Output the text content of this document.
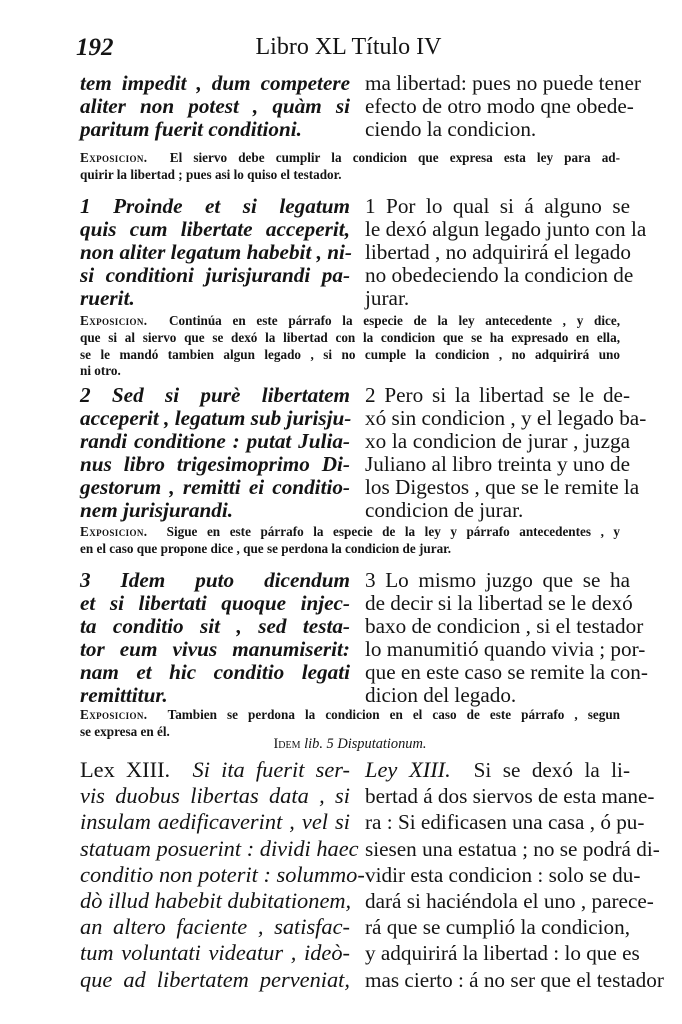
192	Libro XL Título IV
tem impedit , dum competere
aliter non potest , quàm si
paritum fuerit conditioni.
ma libertad: pues no puede tener
efecto de otro modo qne obede-
ciendo la condicion.
Exposicion. El siervo debe cumplir la condicion que expresa esta ley para ad-
quirir la libertad ; pues asi lo quiso el testador.
1 Proinde et si legatum
quis cum libertate acceperit,
non aliter legatum habebit , ni-
si conditioni jurisjurandi pa-
ruerit.
1 Por lo qual si á alguno se
le dexó algun legado junto con la
libertad , no adquirirá el legado
no obedeciendo la condicion de
jurar.
Exposicion. Continúa en este párrafo la especie de la ley antecedente , y dice,
que si al siervo que se dexó la libertad con la condicion que se ha expresado en ella,
se le mandó tambien algun legado , si no cumple la condicion , no adquirirá uno
ni otro.
2 Sed si purè libertatem
acceperit , legatum sub jurisju-
randi conditione : putat Julia-
nus libro trigesimoprimo Di-
gestorum , remitti ei conditio-
nem jurisjurandi.
2 Pero si la libertad se le de-
xó sin condicion , y el legado ba-
xo la condicion de jurar , juzga
Juliano al libro treinta y uno de
los Digestos , que se le remite la
condicion de jurar.
Exposicion. Sigue en este párrafo la especie de la ley y párrafo antecedentes , y
en el caso que propone dice , que se perdona la condicion de jurar.
3 Idem puto dicendum
et si libertati quoque injec-
ta conditio sit , sed testa-
tor eum vivus manumiserit:
nam et hic conditio legati
remittitur.
3 Lo mismo juzgo que se ha
de decir si la libertad se le dexó
baxo de condicion , si el testador
lo manumitió quando vivia ; por-
que en este caso se remite la con-
dicion del legado.
Exposicion. Tambien se perdona la condicion en el caso de este párrafo , segun
se expresa en él.
Idem lib. 5 Disputationum.
Lex XIII. Si ita fuerit ser-
vis duobus libertas data , si
insulam aedificaverint , vel si
statuam posuerint : dividi haec
conditio non poterit : solummo-
dò illud habebit dubitationem,
an altero faciente , satisfac-
tum voluntati videatur , ideò-
que ad libertatem perveniat,
Ley XIII. Si se dexó la li-
bertad á dos siervos de esta mane-
ra : Si edificasen una casa , ó pu-
siesen una estatua ; no se podrá di-
vidir esta condicion : solo se du-
dará si haciéndola el uno , parece-
rá que se cumplió la condicion,
y adquirirá la libertad : lo que es
mas cierto : á no ser que el testador
